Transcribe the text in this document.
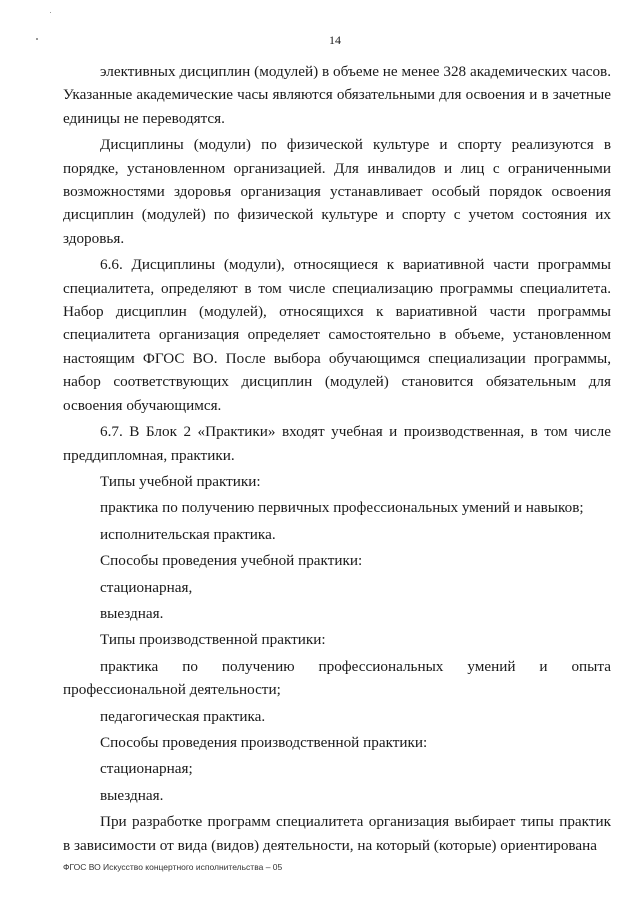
14

элективных дисциплин (модулей) в объеме не менее 328 академических часов. Указанные академические часы являются обязательными для освоения и в зачетные единицы не переводятся.

Дисциплины (модули) по физической культуре и спорту реализуются в порядке, установленном организацией. Для инвалидов и лиц с ограниченными возможностями здоровья организация устанавливает особый порядок освоения дисциплин (модулей) по физической культуре и спорту с учетом состояния их здоровья.

6.6. Дисциплины (модули), относящиеся к вариативной части программы специалитета, определяют в том числе специализацию программы специалитета. Набор дисциплин (модулей), относящихся к вариативной части программы специалитета организация определяет самостоятельно в объеме, установленном настоящим ФГОС ВО. После выбора обучающимся специализации программы, набор соответствующих дисциплин (модулей) становится обязательным для освоения обучающимся.

6.7. В Блок 2 «Практики» входят учебная и производственная, в том числе преддипломная, практики.

Типы учебной практики:

практика по получению первичных профессиональных умений и навыков;

исполнительская практика.

Способы проведения учебной практики:

стационарная,

выездная.

Типы производственной практики:

практика по получению профессиональных умений и опыта

профессиональной деятельности;

педагогическая практика.

Способы проведения производственной практики:

стационарная;

выездная.

При разработке программ специалитета организация выбирает типы практик в зависимости от вида (видов) деятельности, на который (которые) ориентирована

ФГОС ВО Искусство концертного исполнительства – 05
